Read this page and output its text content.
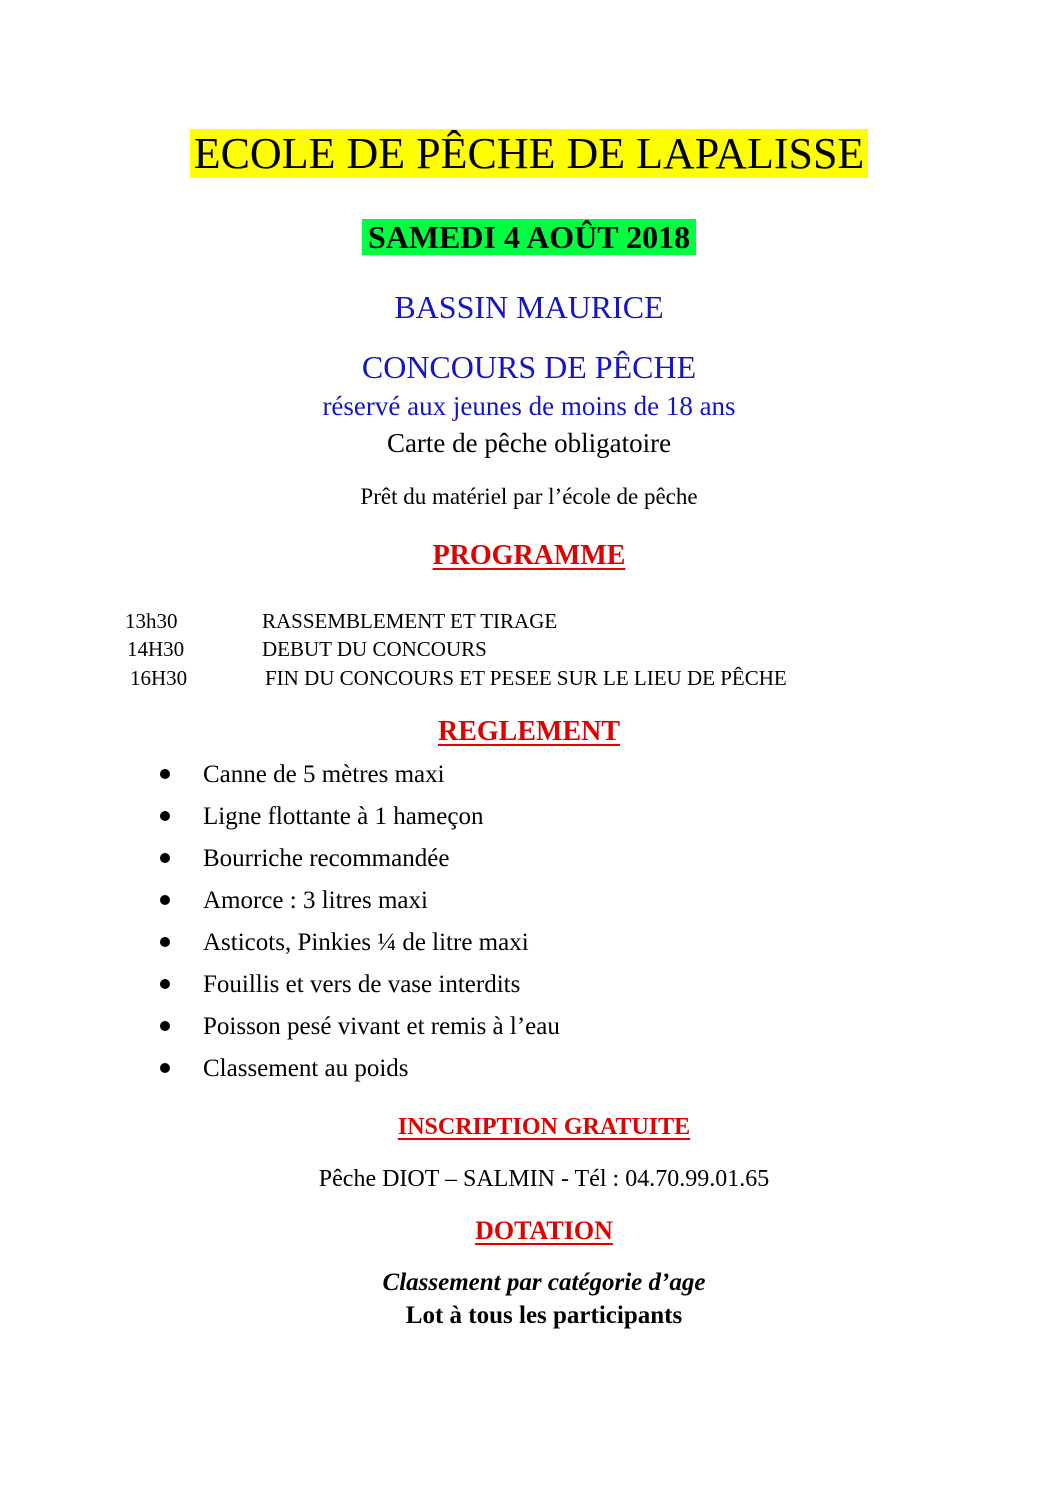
ECOLE DE PÊCHE DE LAPALISSE
SAMEDI 4 AOÛT 2018
BASSIN MAURICE
CONCOURS DE PÊCHE
réservé aux jeunes de moins de 18 ans
Carte de pêche obligatoire
Prêt du matériel par l’école de pêche
PROGRAMME
13h30	RASSEMBLEMENT ET TIRAGE
14H30	DEBUT DU CONCOURS
16H30	FIN DU CONCOURS ET PESEE SUR LE LIEU DE PÊCHE
REGLEMENT
Canne de 5 mètres maxi
Ligne flottante à 1 hameçon
Bourriche recommandée
Amorce : 3 litres maxi
Asticots, Pinkies ¼ de litre maxi
Fouillis et vers de vase interdits
Poisson pesé vivant et remis à l’eau
Classement au poids
INSCRIPTION GRATUITE
Pêche DIOT – SALMIN - Tél : 04.70.99.01.65
DOTATION
Classement par catégorie d’age
Lot à tous les participants
